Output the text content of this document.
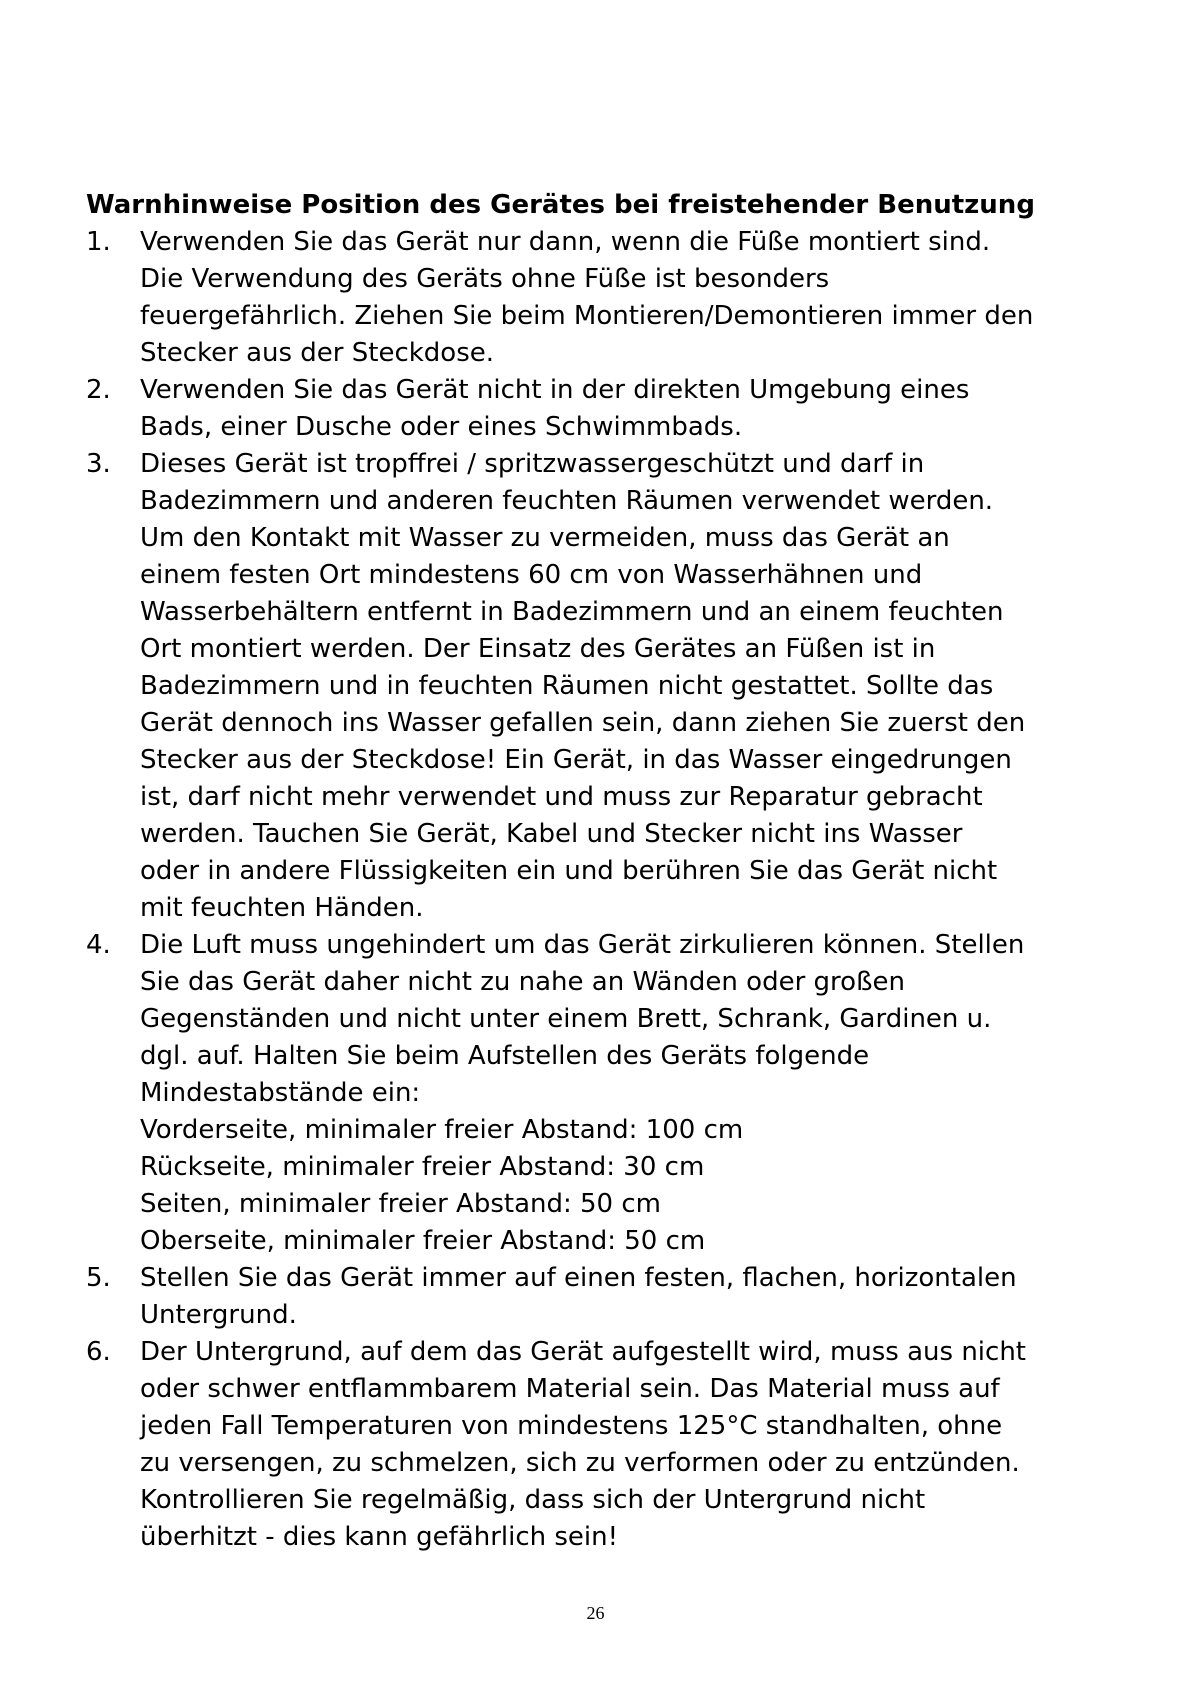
Warnhinweise Position des Gerätes bei freistehender Benutzung
1.	Verwenden Sie das Gerät nur dann, wenn die Füße montiert sind.
Die Verwendung des Geräts ohne Füße ist besonders
feuergefährlich. Ziehen Sie beim Montieren/Demontieren immer den
Stecker aus der Steckdose.
2.	Verwenden Sie das Gerät nicht in der direkten Umgebung eines
Bads, einer Dusche oder eines Schwimmbads.
3.	Dieses Gerät ist tropffrei / spritzwassergeschützt und darf in
Badezimmern und anderen feuchten Räumen verwendet werden.
Um den Kontakt mit Wasser zu vermeiden, muss das Gerät an
einem festen Ort mindestens 60 cm von Wasserhähnen und
Wasserbehältern entfernt in Badezimmern und an einem feuchten
Ort montiert werden. Der Einsatz des Gerätes an Füßen ist in
Badezimmern und in feuchten Räumen nicht gestattet. Sollte das
Gerät dennoch ins Wasser gefallen sein, dann ziehen Sie zuerst den
Stecker aus der Steckdose! Ein Gerät, in das Wasser eingedrungen
ist, darf nicht mehr verwendet und muss zur Reparatur gebracht
werden. Tauchen Sie Gerät, Kabel und Stecker nicht ins Wasser
oder in andere Flüssigkeiten ein und berühren Sie das Gerät nicht
mit feuchten Händen.
4.	Die Luft muss ungehindert um das Gerät zirkulieren können. Stellen
Sie das Gerät daher nicht zu nahe an Wänden oder großen
Gegenständen und nicht unter einem Brett, Schrank, Gardinen u.
dgl. auf. Halten Sie beim Aufstellen des Geräts folgende
Mindestabstände ein:
Vorderseite, minimaler freier Abstand: 100 cm
Rückseite, minimaler freier Abstand: 30 cm
Seiten, minimaler freier Abstand: 50 cm
Oberseite, minimaler freier Abstand: 50 cm
5.	Stellen Sie das Gerät immer auf einen festen, flachen, horizontalen
Untergrund.
6.	Der Untergrund, auf dem das Gerät aufgestellt wird, muss aus nicht
oder schwer entflammbarem Material sein. Das Material muss auf
jeden Fall Temperaturen von mindestens 125°C standhalten, ohne
zu versengen, zu schmelzen, sich zu verformen oder zu entzünden.
Kontrollieren Sie regelmäßig, dass sich der Untergrund nicht
überhitzt - dies kann gefährlich sein!
26
